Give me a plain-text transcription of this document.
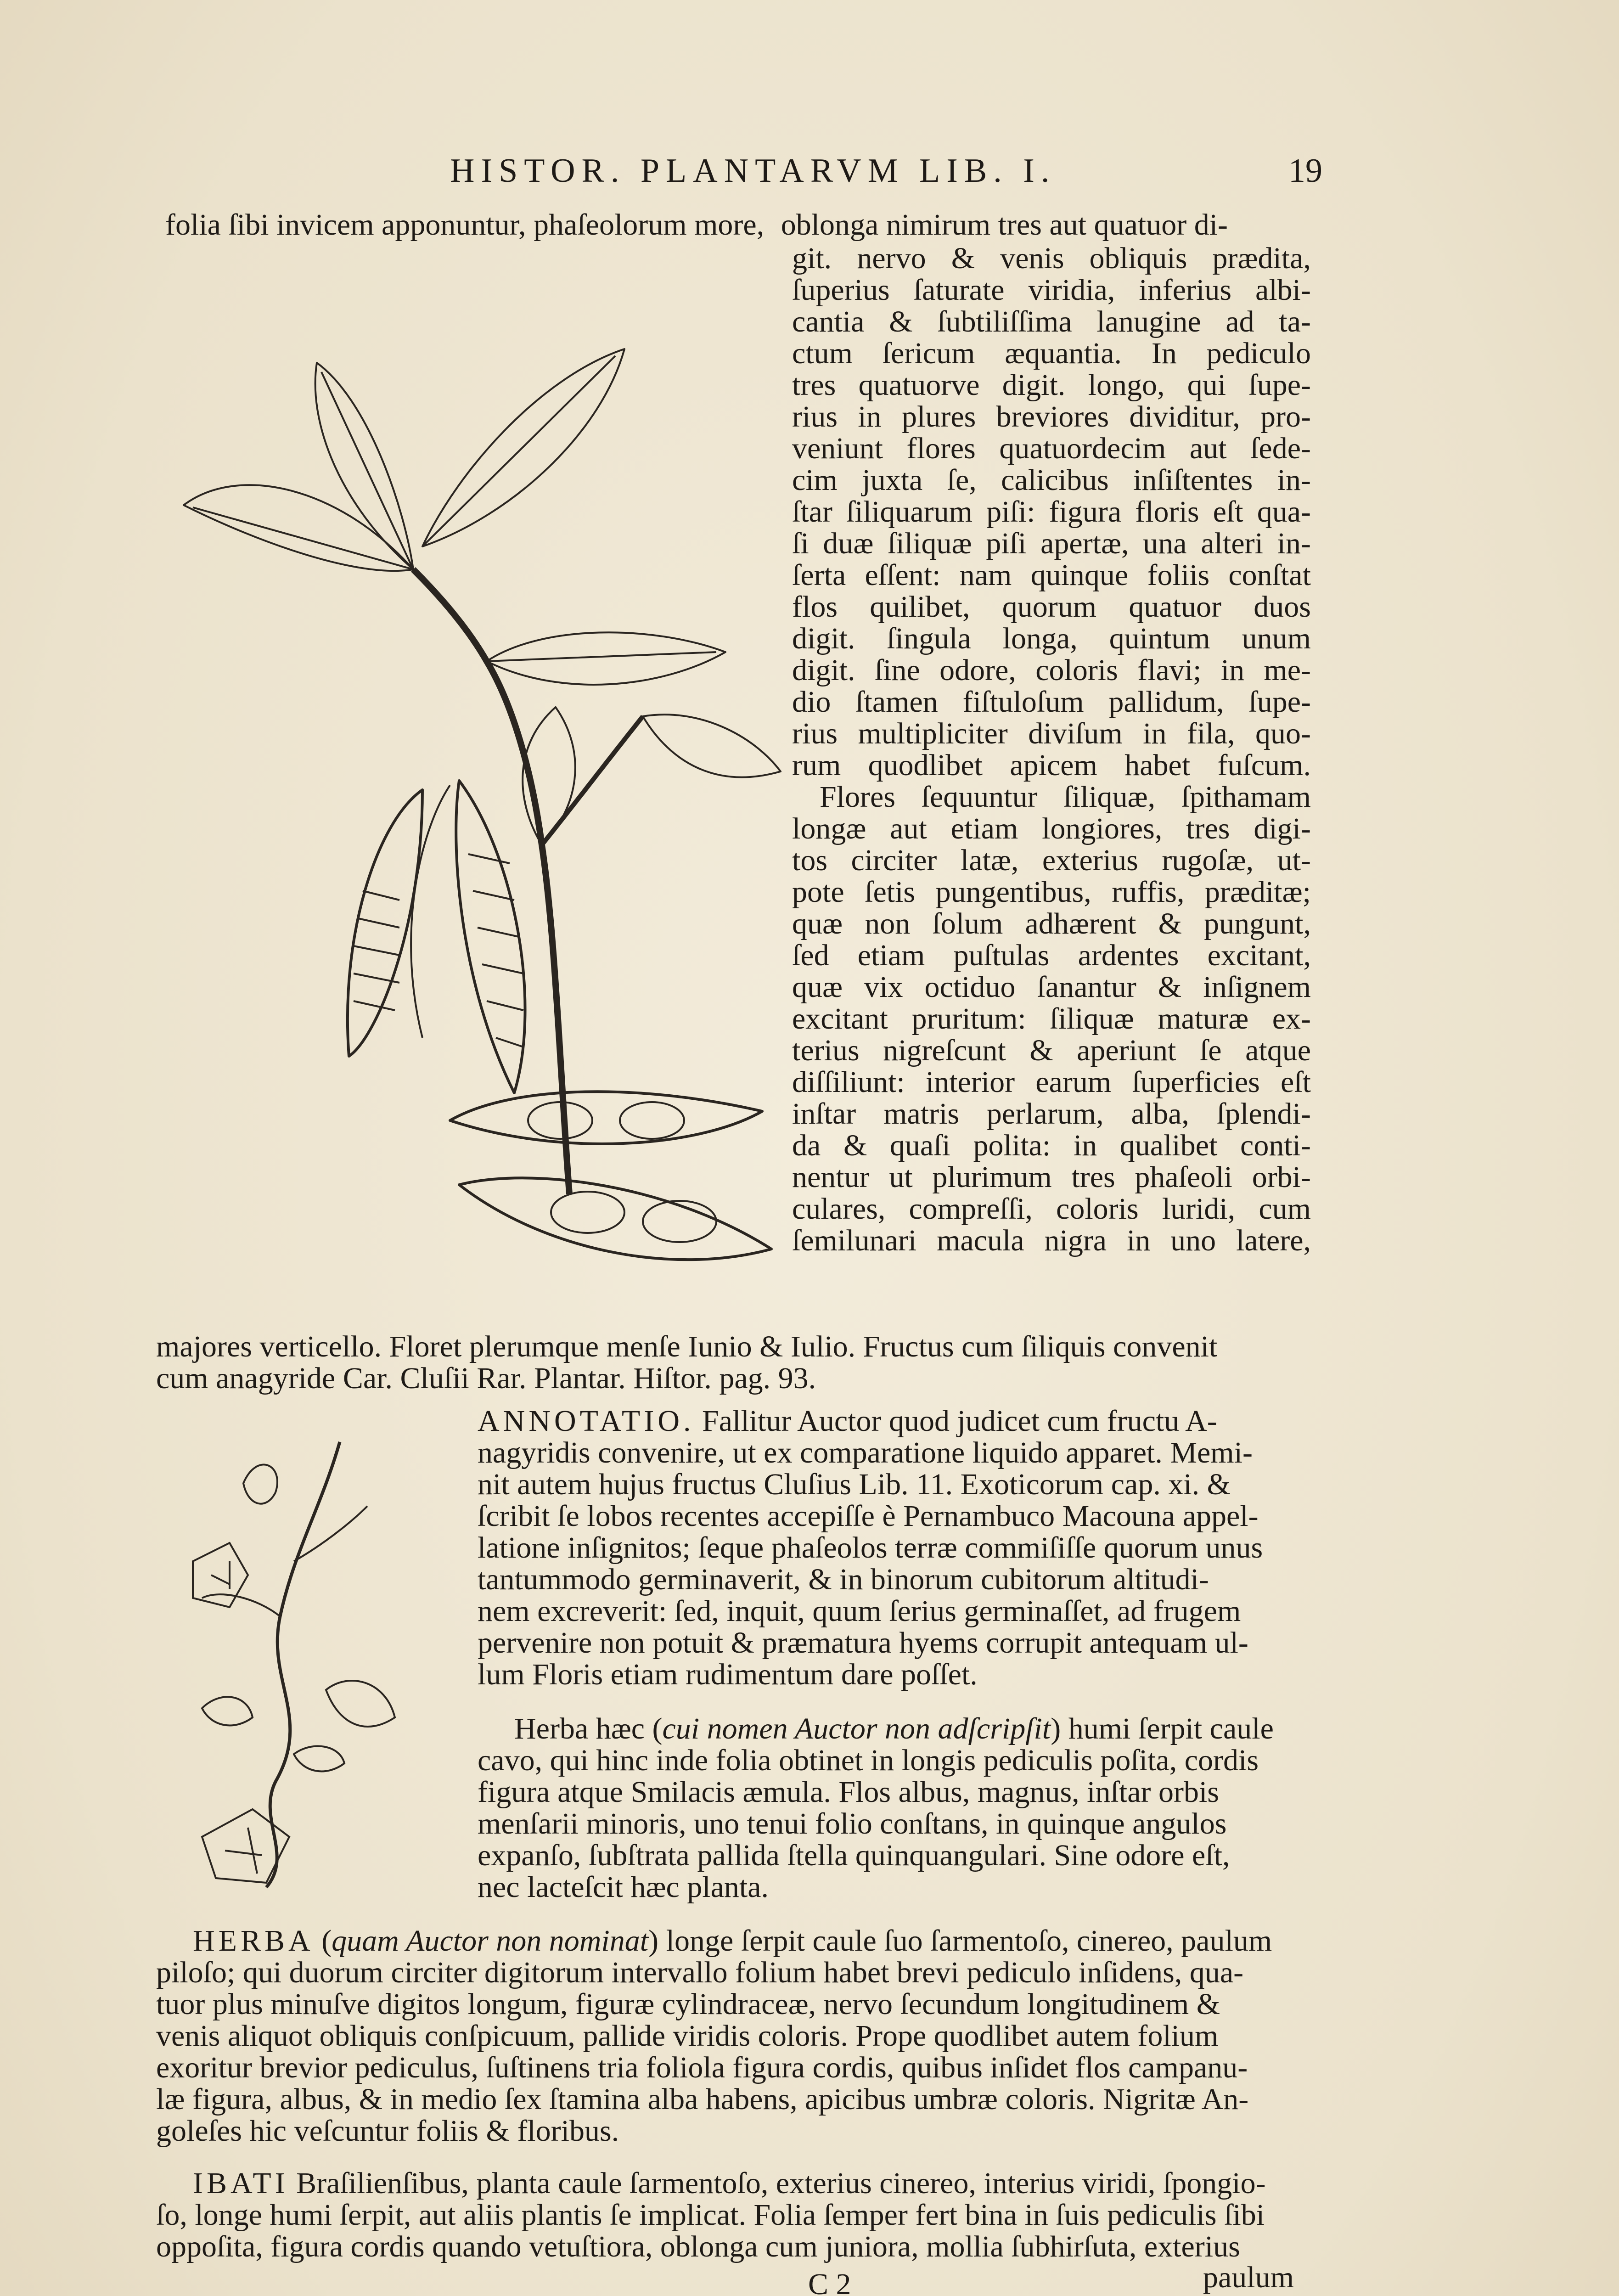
HISTOR. PLANTARVM LIB. I.	19
folia ſibi invicem apponuntur, phaſeolorum more, oblonga nimirum tres aut quatuor di-
git. nervo & venis obliquis prædita,
ſuperius ſaturate viridia, inferius albi-
cantia & ſubtiliſſima lanugine ad ta-
ctum ſericum æquantia. In pediculo
tres quatuorve digit. longo, qui ſupe-
rius in plures breviores dividitur, pro-
veniunt flores quatuordecim aut ſede-
cim juxta ſe, calicibus inſiſtentes in-
ſtar ſiliquarum piſi: figura floris eſt qua-
ſi duæ ſiliquæ piſi apertæ, una alteri in-
ſerta eſſent: nam quinque foliis conſtat
flos quilibet, quorum quatuor duos
digit. ſingula longa, quintum unum
digit. ſine odore, coloris flavi; in me-
dio ſtamen fiſtuloſum pallidum, ſupe-
rius multipliciter diviſum in fila, quo-
rum quodlibet apicem habet fuſcum.
Flores ſequuntur ſiliquæ, ſpithamam
longæ aut etiam longiores, tres digi-
tos circiter latæ, exterius rugoſæ, ut-
pote ſetis pungentibus, ruffis, præditæ;
quæ non ſolum adhærent & pungunt,
ſed etiam puſtulas ardentes excitant,
quæ vix octiduo ſanantur & inſignem
excitant pruritum: ſiliquæ maturæ ex-
terius nigreſcunt & aperiunt ſe atque
diſſiliunt: interior earum ſuperficies eſt
inſtar matris perlarum, alba, ſplendi-
da & quaſi polita: in qualibet conti-
nentur ut plurimum tres phaſeoli orbi-
culares, compreſſi, coloris luridi, cum
ſemilunari macula nigra in uno latere,
majores verticello. Floret plerumque menſe Iunio & Iulio. Fructus cum ſiliquis convenit
cum anagyride Car. Cluſii Rar. Plantar. Hiſtor. pag. 93.
ANNOTATIO. Fallitur Auctor quod judicet cum fructu A-
nagyridis convenire, ut ex comparatione liquido apparet. Memi-
nit autem hujus fructus Cluſius Lib. 11. Exoticorum cap. xi. &
ſcribit ſe lobos recentes accepiſſe è Pernambuco Macouna appel-
latione inſignitos; ſeque phaſeolos terræ commiſiſſe quorum unus
tantummodo germinaverit, & in binorum cubitorum altitudi-
nem excreverit: ſed, inquit, quum ſerius germinaſſet, ad frugem
pervenire non potuit & præmatura hyems corrupit antequam ul-
lum Floris etiam rudimentum dare poſſet.
Herba hæc (cui nomen Auctor non adſcripſit) humi ſerpit caule
cavo, qui hinc inde folia obtinet in longis pediculis poſita, cordis
figura atque Smilacis æmula. Flos albus, magnus, inſtar orbis
menſarii minoris, uno tenui folio conſtans, in quinque angulos
expanſo, ſubſtrata pallida ſtella quinquangulari. Sine odore eſt,
nec lacteſcit hæc planta.
HERBA (quam Auctor non nominat) longe ſerpit caule ſuo ſarmentoſo, cinereo, paulum
piloſo; qui duorum circiter digitorum intervallo folium habet brevi pediculo inſidens, qua-
tuor plus minuſve digitos longum, figuræ cylindraceæ, nervo ſecundum longitudinem &
venis aliquot obliquis conſpicuum, pallide viridis coloris. Prope quodlibet autem folium
exoritur brevior pediculus, ſuſtinens tria foliola figura cordis, quibus inſidet flos campanu-
læ figura, albus, & in medio ſex ſtamina alba habens, apicibus umbræ coloris. Nigritæ An-
goleſes hic veſcuntur foliis & floribus.
IBATI Braſilienſibus, planta caule ſarmentoſo, exterius cinereo, interius viridi, ſpongio-
ſo, longe humi ſerpit, aut aliis plantis ſe implicat. Folia ſemper fert bina in ſuis pediculis ſibi
oppoſita, figura cordis quando vetuſtiora, oblonga cum juniora, molliа ſubhirſuta, exterius
C 2	paulum
